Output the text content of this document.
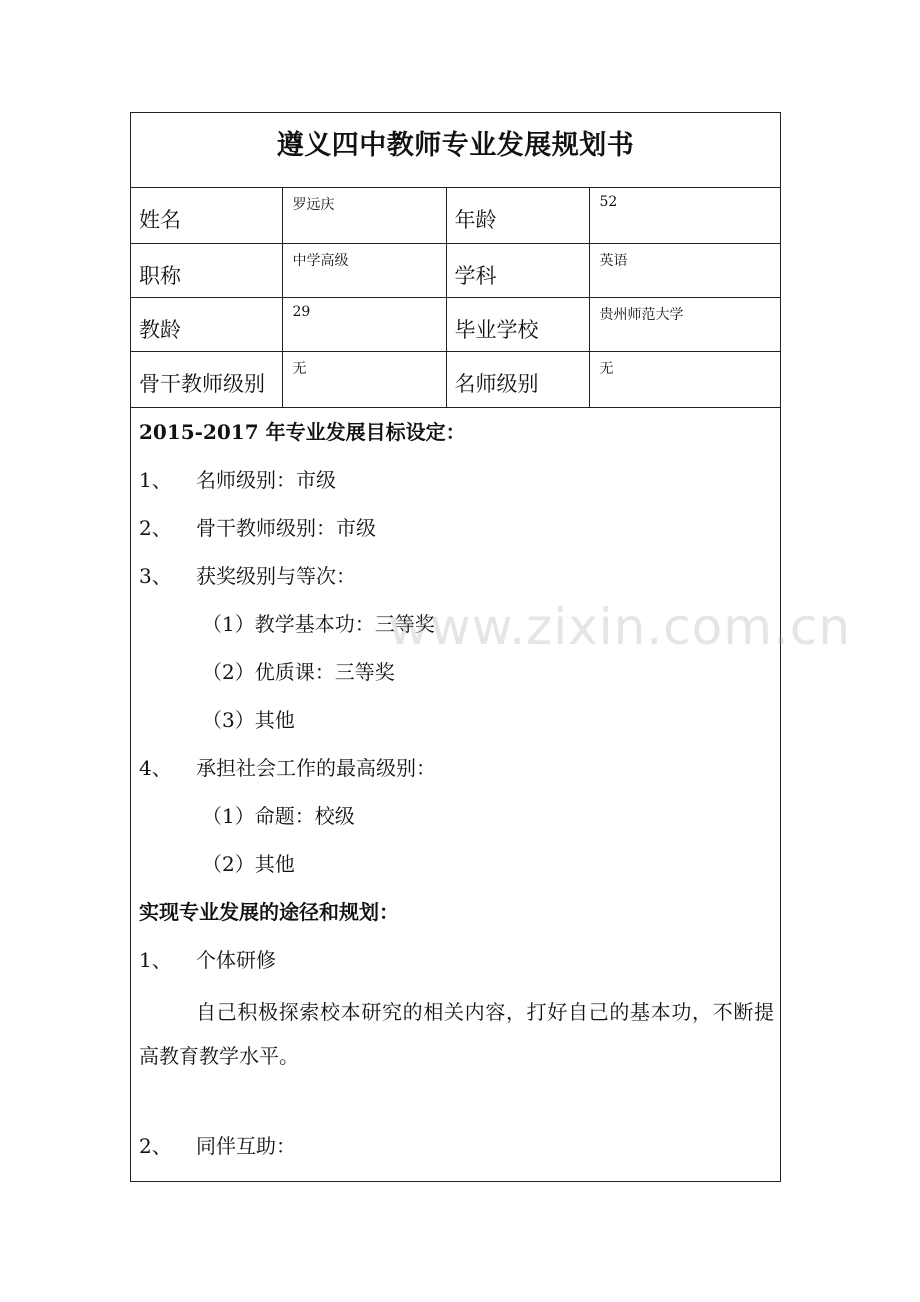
遵义四中教师专业发展规划书
姓名	罗远庆	年龄	52

职称	中学高级	学科	英语

教龄	29	毕业学校	贵州师范大学

骨干教师级别	无	名师级别	无
2015-2017 年专业发展目标设定：
1、 名师级别：市级
2、 骨干教师级别：市级
3、 获奖级别与等次：
（1）教学基本功：三等奖
（2）优质课：三等奖
（3）其他
4、 承担社会工作的最高级别：
（1）命题：校级
（2）其他
实现专业发展的途径和规划：
1、 个体研修
自己积极探索校本研究的相关内容，打好自己的基本功，不断提高教育教学水平。
2、 同伴互助：
www.zixin.com.cn
